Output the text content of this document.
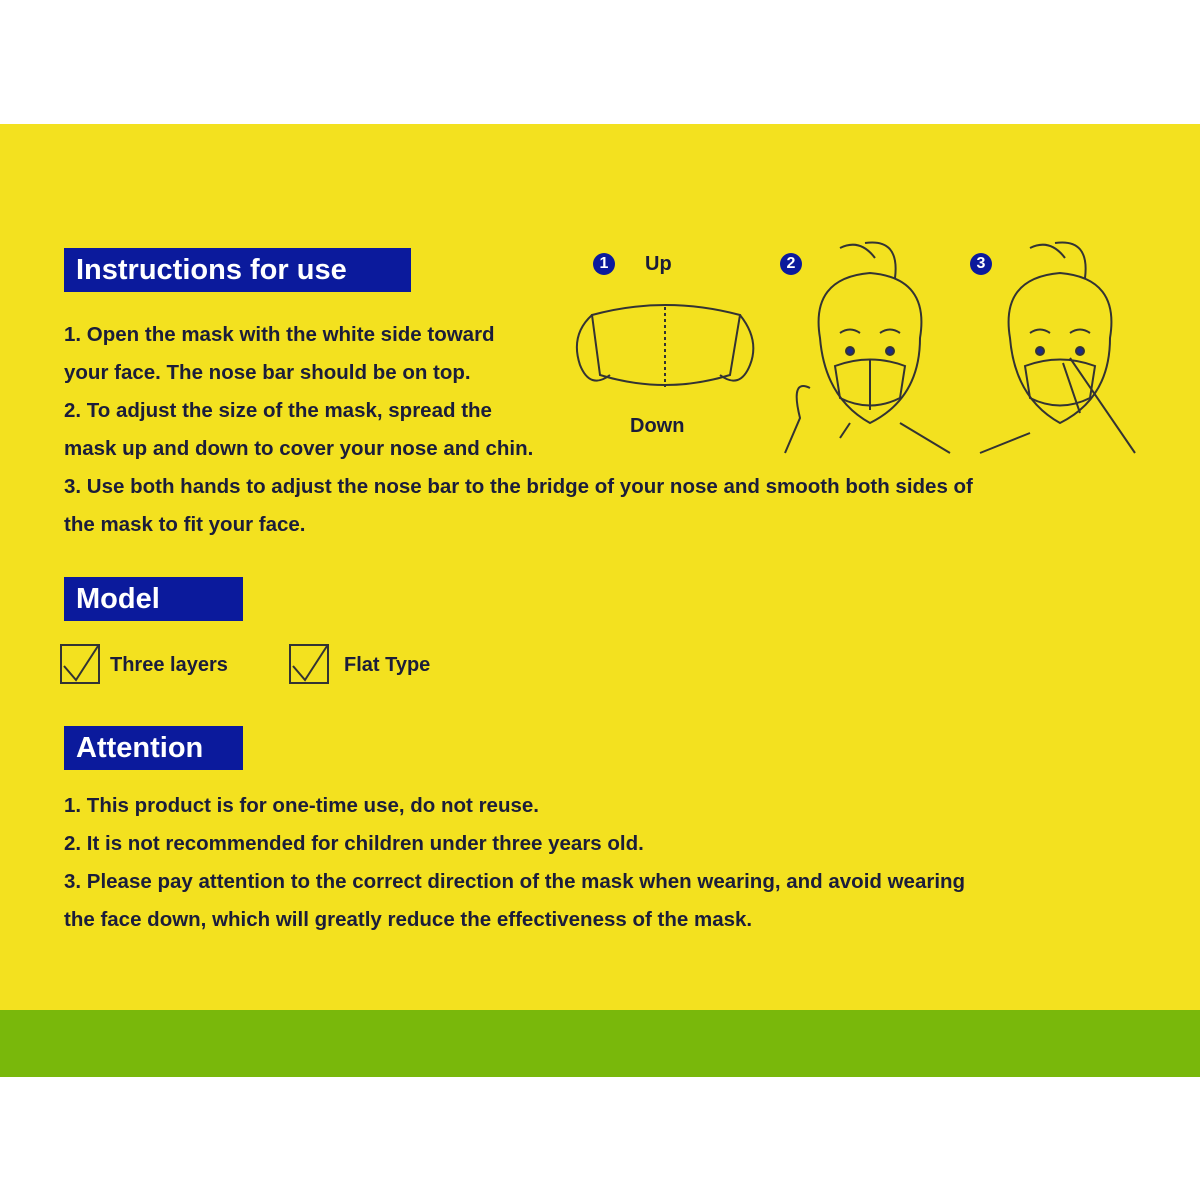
Instructions for use
1. Open the mask with the white side toward
your face. The nose bar should be on top.
2. To adjust the size of the mask, spread the
mask up and down to cover your nose and chin.
3. Use both hands to adjust the nose bar to the bridge of your nose and smooth both sides of
the mask to fit your face.
1	Up
Down
2	3
Model
Three layers	Flat Type
Attention
1. This product is for one-time use, do not reuse.
2. It is not recommended for children under three years old.
3. Please pay attention to the correct direction of the mask when wearing, and avoid wearing
the face down, which will greatly reduce the effectiveness of the mask.
